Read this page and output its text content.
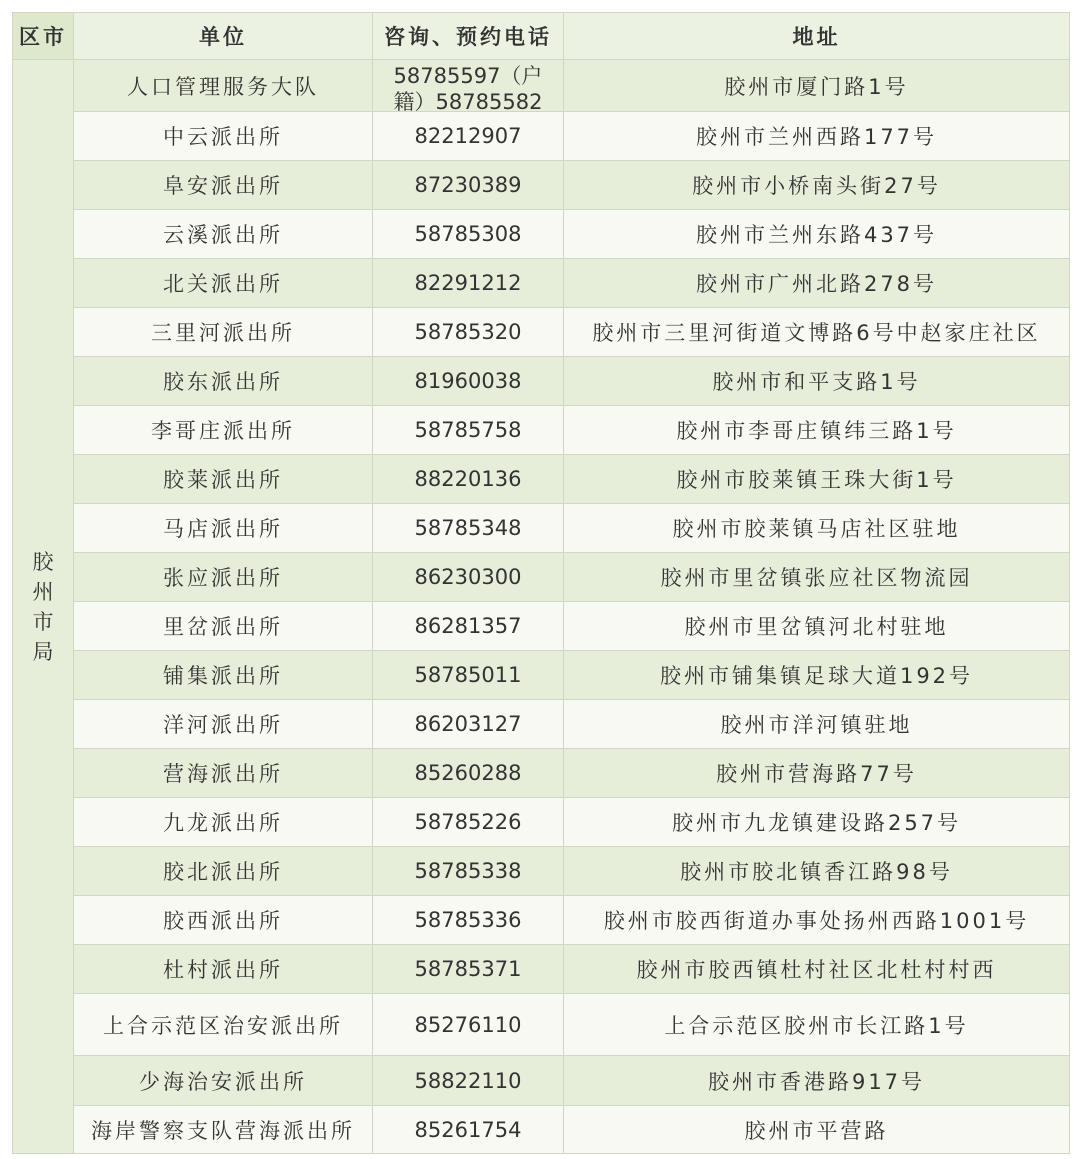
区市	单位	咨询、预约电话	地址
胶州市局	人口管理服务大队	58785597（户籍）58785582	胶州市厦门路1号
	中云派出所	82212907	胶州市兰州西路177号
	阜安派出所	87230389	胶州市小桥南头街27号
	云溪派出所	58785308	胶州市兰州东路437号
	北关派出所	82291212	胶州市广州北路278号
	三里河派出所	58785320	胶州市三里河街道文博路6号中赵家庄社区
	胶东派出所	81960038	胶州市和平支路1号
	李哥庄派出所	58785758	胶州市李哥庄镇纬三路1号
	胶莱派出所	88220136	胶州市胶莱镇王珠大街1号
	马店派出所	58785348	胶州市胶莱镇马店社区驻地
	张应派出所	86230300	胶州市里岔镇张应社区物流园
	里岔派出所	86281357	胶州市里岔镇河北村驻地
	铺集派出所	58785011	胶州市铺集镇足球大道192号
	洋河派出所	86203127	胶州市洋河镇驻地
	营海派出所	85260288	胶州市营海路77号
	九龙派出所	58785226	胶州市九龙镇建设路257号
	胶北派出所	58785338	胶州市胶北镇香江路98号
	胶西派出所	58785336	胶州市胶西街道办事处扬州西路1001号
	杜村派出所	58785371	胶州市胶西镇杜村社区北杜村村西
	上合示范区治安派出所	85276110	上合示范区胶州市长江路1号
	少海治安派出所	58822110	胶州市香港路917号
	海岸警察支队营海派出所	85261754	胶州市平营路
